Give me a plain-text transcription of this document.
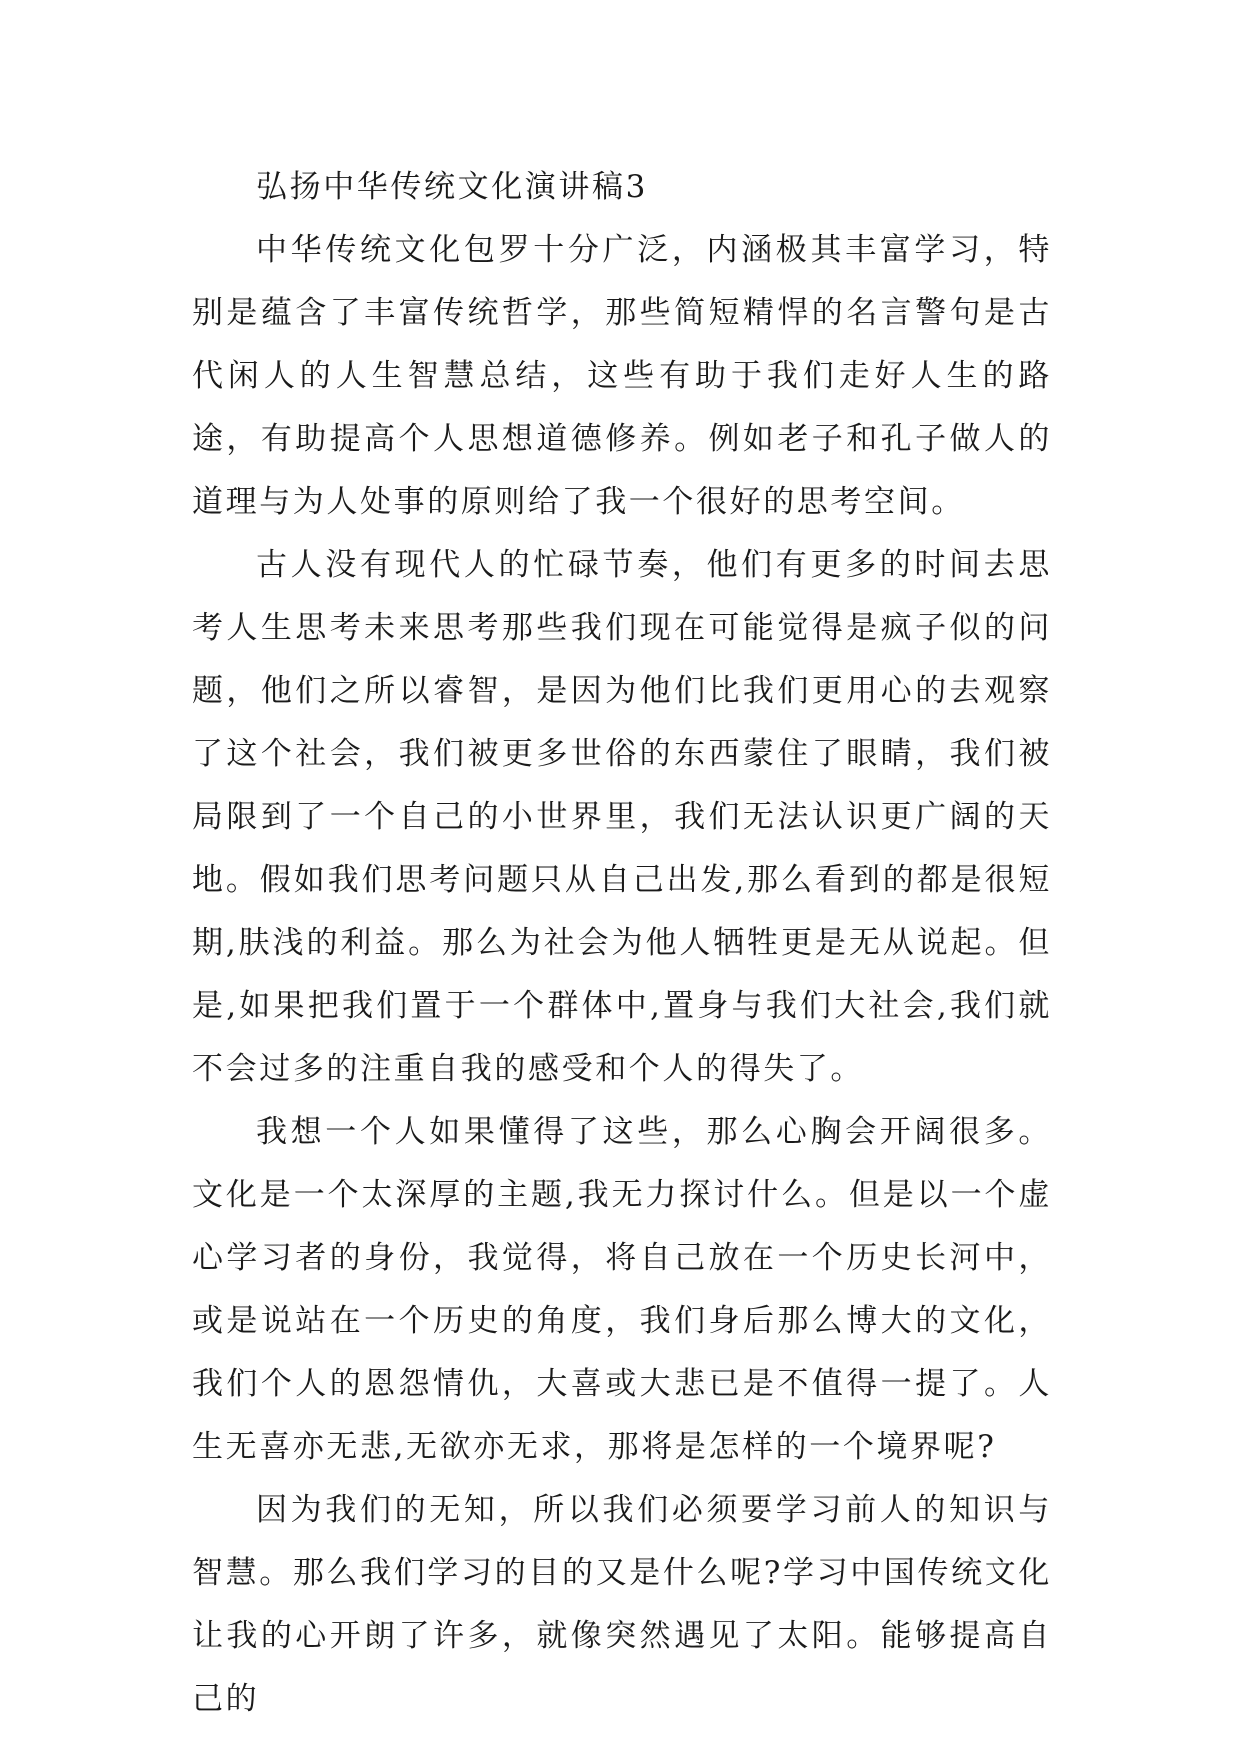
弘扬中华传统文化演讲稿3

中华传统文化包罗十分广泛，内涵极其丰富学习，特别是蕴含了丰富传统哲学，那些简短精悍的名言警句是古代闲人的人生智慧总结，这些有助于我们走好人生的路途，有助提高个人思想道德修养。例如老子和孔子做人的道理与为人处事的原则给了我一个很好的思考空间。

古人没有现代人的忙碌节奏，他们有更多的时间去思考人生思考未来思考那些我们现在可能觉得是疯子似的问题，他们之所以睿智，是因为他们比我们更用心的去观察了这个社会，我们被更多世俗的东西蒙住了眼睛，我们被局限到了一个自己的小世界里，我们无法认识更广阔的天地。假如我们思考问题只从自己出发,那么看到的都是很短期,肤浅的利益。那么为社会为他人牺牲更是无从说起。但是,如果把我们置于一个群体中,置身与我们大社会,我们就不会过多的注重自我的感受和个人的得失了。

我想一个人如果懂得了这些，那么心胸会开阔很多。文化是一个太深厚的主题,我无力探讨什么。但是以一个虚心学习者的身份，我觉得，将自己放在一个历史长河中，或是说站在一个历史的角度，我们身后那么博大的文化，我们个人的恩怨情仇，大喜或大悲已是不值得一提了。人生无喜亦无悲,无欲亦无求，那将是怎样的一个境界呢?

因为我们的无知，所以我们必须要学习前人的知识与智慧。那么我们学习的目的又是什么呢?学习中国传统文化让我的心开朗了许多，就像突然遇见了太阳。能够提高自己的
